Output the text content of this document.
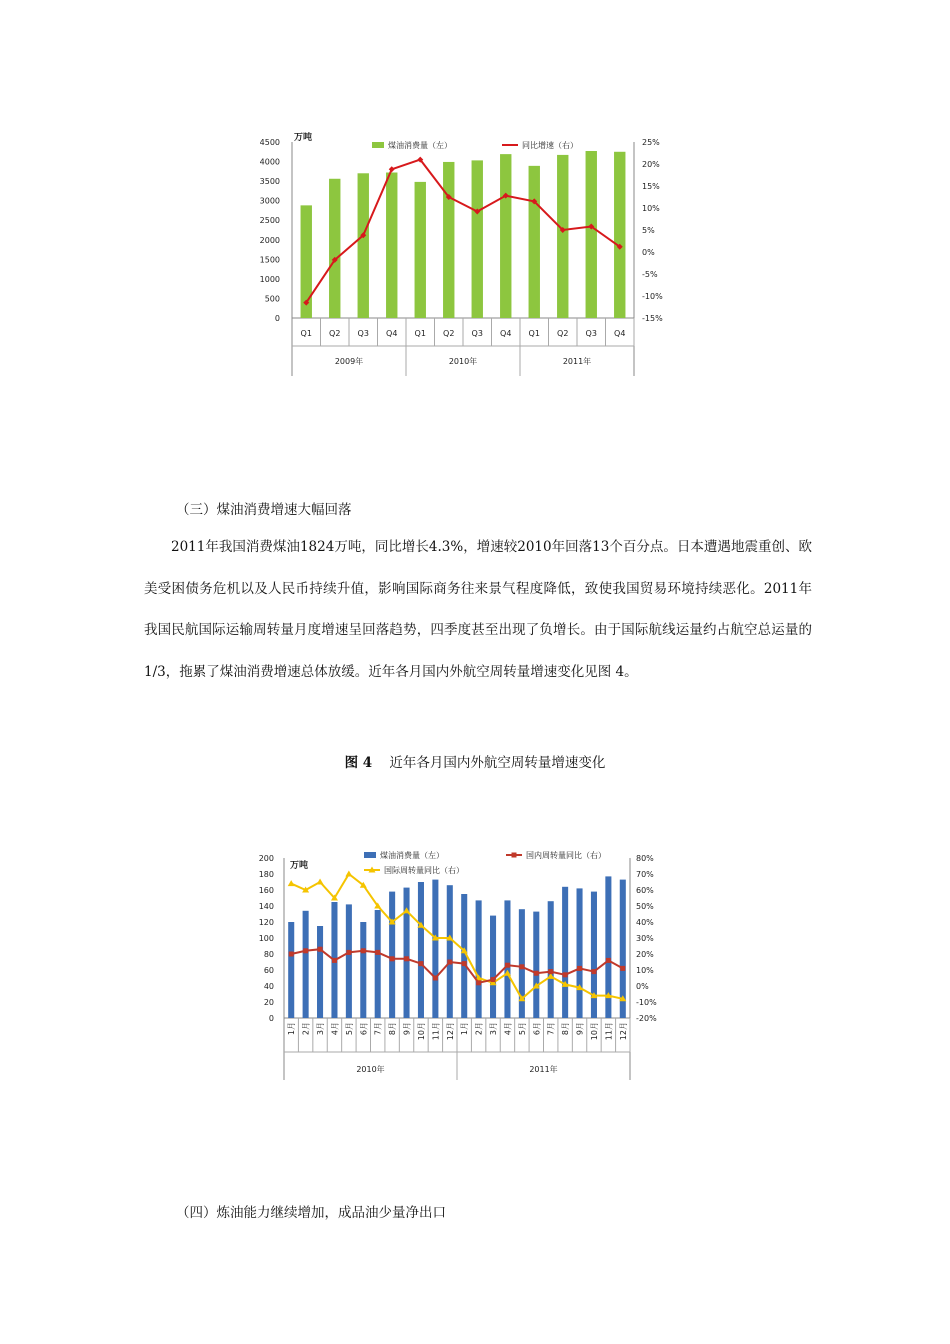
0
500
1000
1500
2000
2500
3000
3500
4000
4500
-15%
-10%
-5%
0%
5%
10%
15%
20%
25%
万吨
Q1 Q2 Q3 Q4 Q1 Q2 Q3 Q4 Q1 Q2 Q3 Q4
2009年	2010年	2011年
煤油消费量（左）	同比增速（右）
（三）煤油消费增速大幅回落
2011年我国消费煤油1824万吨，同比增长4.3%，增速较2010年回落13个百分点。日本遭遇地震重创、欧美受困债务危机以及人民币持续升值，影响国际商务往来景气程度降低，致使我国贸易环境持续恶化。2011年我国民航国际运输周转量月度增速呈回落趋势，四季度甚至出现了负增长。由于国际航线运量约占航空总运量的1/3，拖累了煤油消费增速总体放缓。近年各月国内外航空周转量增速变化见图 4。
图 4 近年各月国内外航空周转量增速变化
0
20
40
60
80
100
120
140
160
180
200
-20%
-10%
0%
10%
20%
30%
40%
50%
60%
70%
80%
万吨
1月 2月 3月 4月 5月 6月 7月 8月 9月 10月 11月 12月 1月 2月 3月 4月 5月 6月 7月 8月 9月 10月 11月 12月
2010年	2011年
煤油消费量（左）	国内周转量同比（右）
国际周转量同比（右）
（四）炼油能力继续增加，成品油少量净出口
